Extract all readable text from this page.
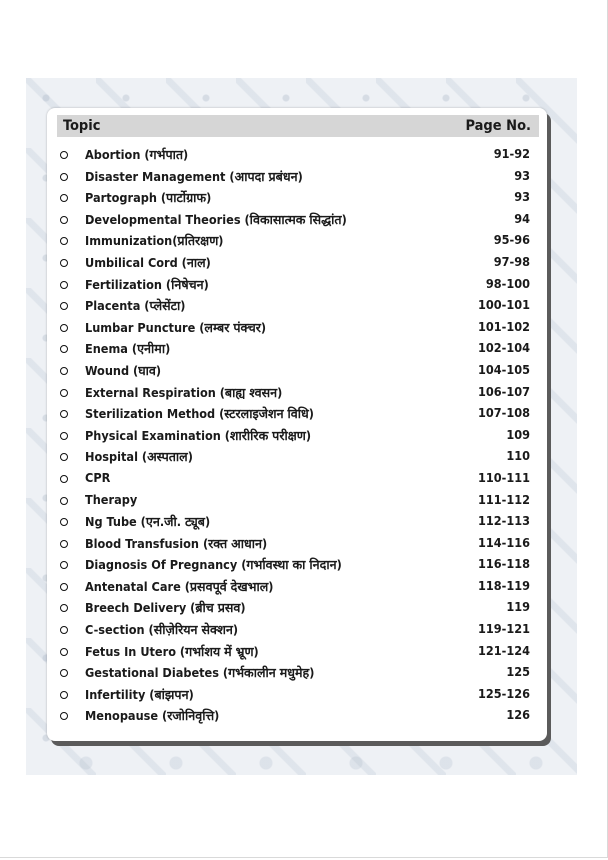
Topic	Page No.
Abortion (गर्भपात)	91-92
Disaster Management (आपदा प्रबंधन)	93
Partograph (पार्टोग्राफ)	93
Developmental Theories (विकासात्मक सिद्धांत)	94
Immunization(प्रतिरक्षण)	95-96
Umbilical Cord (नाल)	97-98
Fertilization (निषेचन)	98-100
Placenta (प्लेसेंटा)	100-101
Lumbar Puncture (लम्बर पंक्चर)	101-102
Enema (एनीमा)	102-104
Wound (घाव)	104-105
External Respiration (बाह्य श्वसन)	106-107
Sterilization Method (स्टरलाइजेशन विधि)	107-108
Physical Examination (शारीरिक परीक्षण)	109
Hospital (अस्पताल)	110
CPR	110-111
Therapy	111-112
Ng Tube (एन.जी. ट्यूब)	112-113
Blood Transfusion (रक्त आधान)	114-116
Diagnosis Of Pregnancy (गर्भावस्था का निदान)	116-118
Antenatal Care (प्रसवपूर्व देखभाल)	118-119
Breech Delivery (ब्रीच प्रसव)	119
C-section (सीज़ेरियन सेक्शन)	119-121
Fetus In Utero (गर्भाशय में भ्रूण)	121-124
Gestational Diabetes (गर्भकालीन मधुमेह)	125
Infertility (बांझपन)	125-126
Menopause (रजोनिवृत्ति)	126
